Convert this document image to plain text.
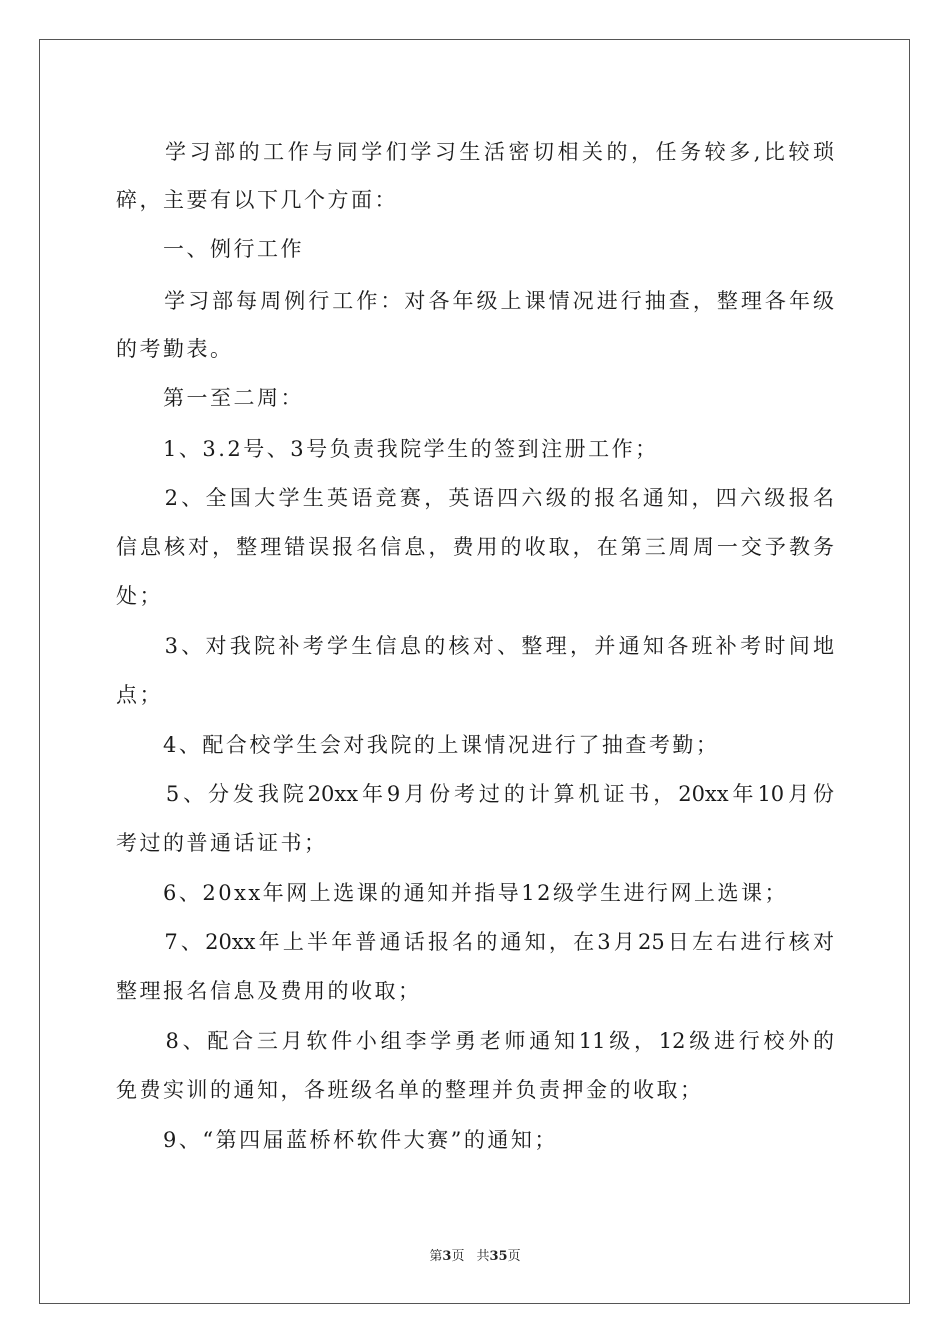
　　学习部的工作与同学们学习生活密切相关的，任务较多,比较琐
碎，主要有以下几个方面：
　　一、例行工作
　　学习部每周例行工作：对各年级上课情况进行抽查，整理各年级
的考勤表。
　　第一至二周：
　　1、3.2号、3号负责我院学生的签到注册工作；
　　2、全国大学生英语竞赛，英语四六级的报名通知，四六级报名
信息核对，整理错误报名信息，费用的收取，在第三周周一交予教务
处；
　　3、对我院补考学生信息的核对、整理，并通知各班补考时间地
点；
　　4、配合校学生会对我院的上课情况进行了抽查考勤；
　　5、分发我院20xx年9月份考过的计算机证书，20xx年10月份
考过的普通话证书；
　　6、20xx年网上选课的通知并指导12级学生进行网上选课；
　　7、20xx年上半年普通话报名的通知，在3月25日左右进行核对
整理报名信息及费用的收取；
　　8、配合三月软件小组李学勇老师通知11级，12级进行校外的
免费实训的通知，各班级名单的整理并负责押金的收取；
　　9、“第四届蓝桥杯软件大赛”的通知；
第3页 共35页
